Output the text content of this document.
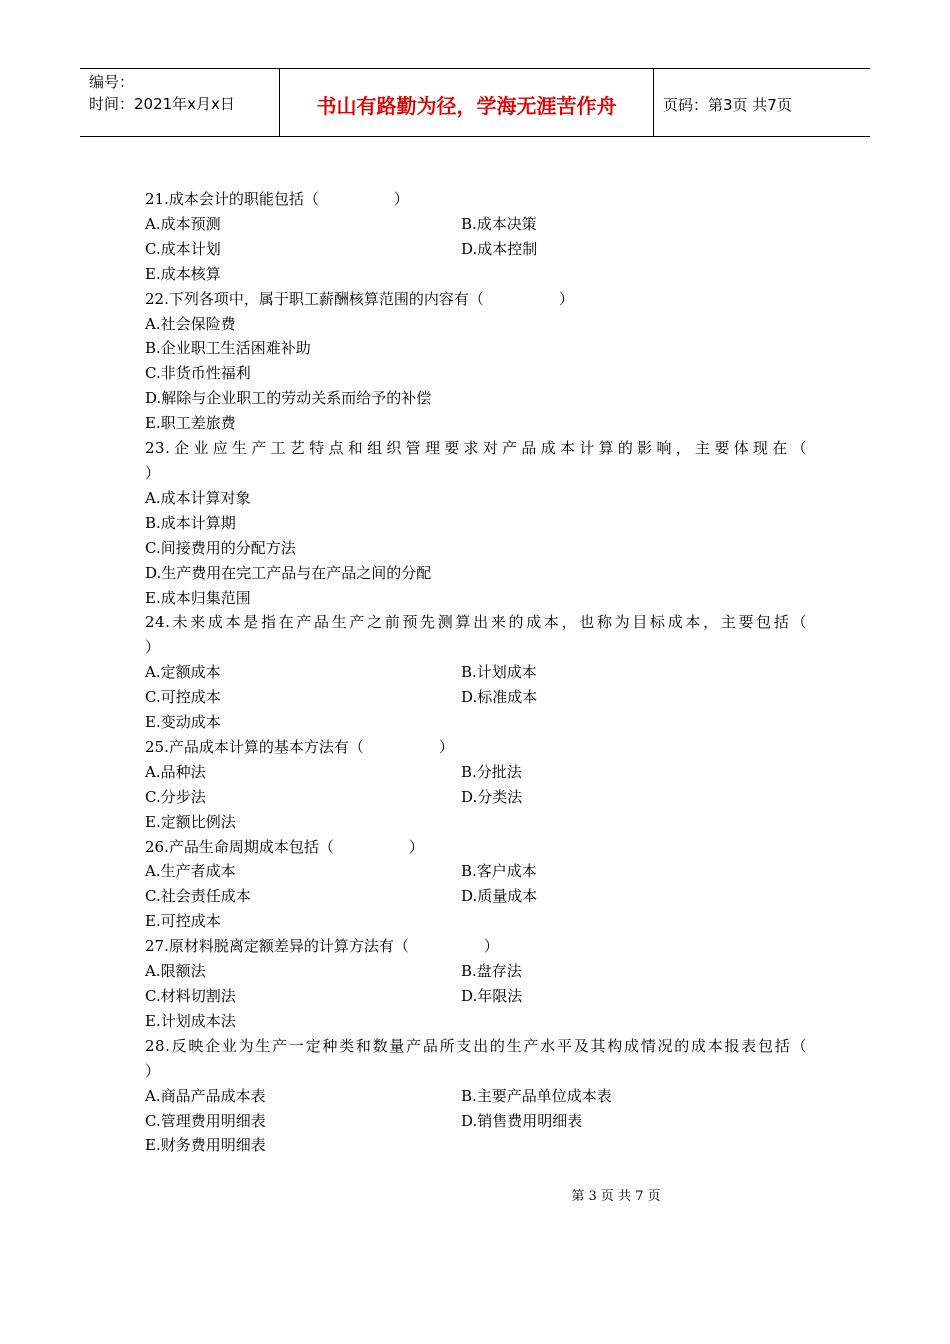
编号：
时间：2021年x月x日	书山有路勤为径，学海无涯苦作舟	页码：第3页 共7页
21.成本会计的职能包括（　　　　　）
A.成本预测	B.成本决策
C.成本计划	D.成本控制
E.成本核算
22.下列各项中，属于职工薪酬核算范围的内容有（　　　　　）
A.社会保险费
B.企业职工生活困难补助
C.非货币性福利
D.解除与企业职工的劳动关系而给予的补偿
E.职工差旅费
23.企业应生产工艺特点和组织管理要求对产品成本计算的影响，主要体现在（
）
A.成本计算对象
B.成本计算期
C.间接费用的分配方法
D.生产费用在完工产品与在产品之间的分配
E.成本归集范围
24.未来成本是指在产品生产之前预先测算出来的成本，也称为目标成本，主要包括（
）
A.定额成本	B.计划成本
C.可控成本	D.标准成本
E.变动成本
25.产品成本计算的基本方法有（　　　　　）
A.品种法	B.分批法
C.分步法	D.分类法
E.定额比例法
26.产品生命周期成本包括（　　　　　）
A.生产者成本	B.客户成本
C.社会责任成本	D.质量成本
E.可控成本
27.原材料脱离定额差异的计算方法有（　　　　　）
A.限额法	B.盘存法
C.材料切割法	D.年限法
E.计划成本法
28.反映企业为生产一定种类和数量产品所支出的生产水平及其构成情况的成本报表包括（
）
A.商品产品成本表	B.主要产品单位成本表
C.管理费用明细表	D.销售费用明细表
E.财务费用明细表
第 3 页 共 7 页
